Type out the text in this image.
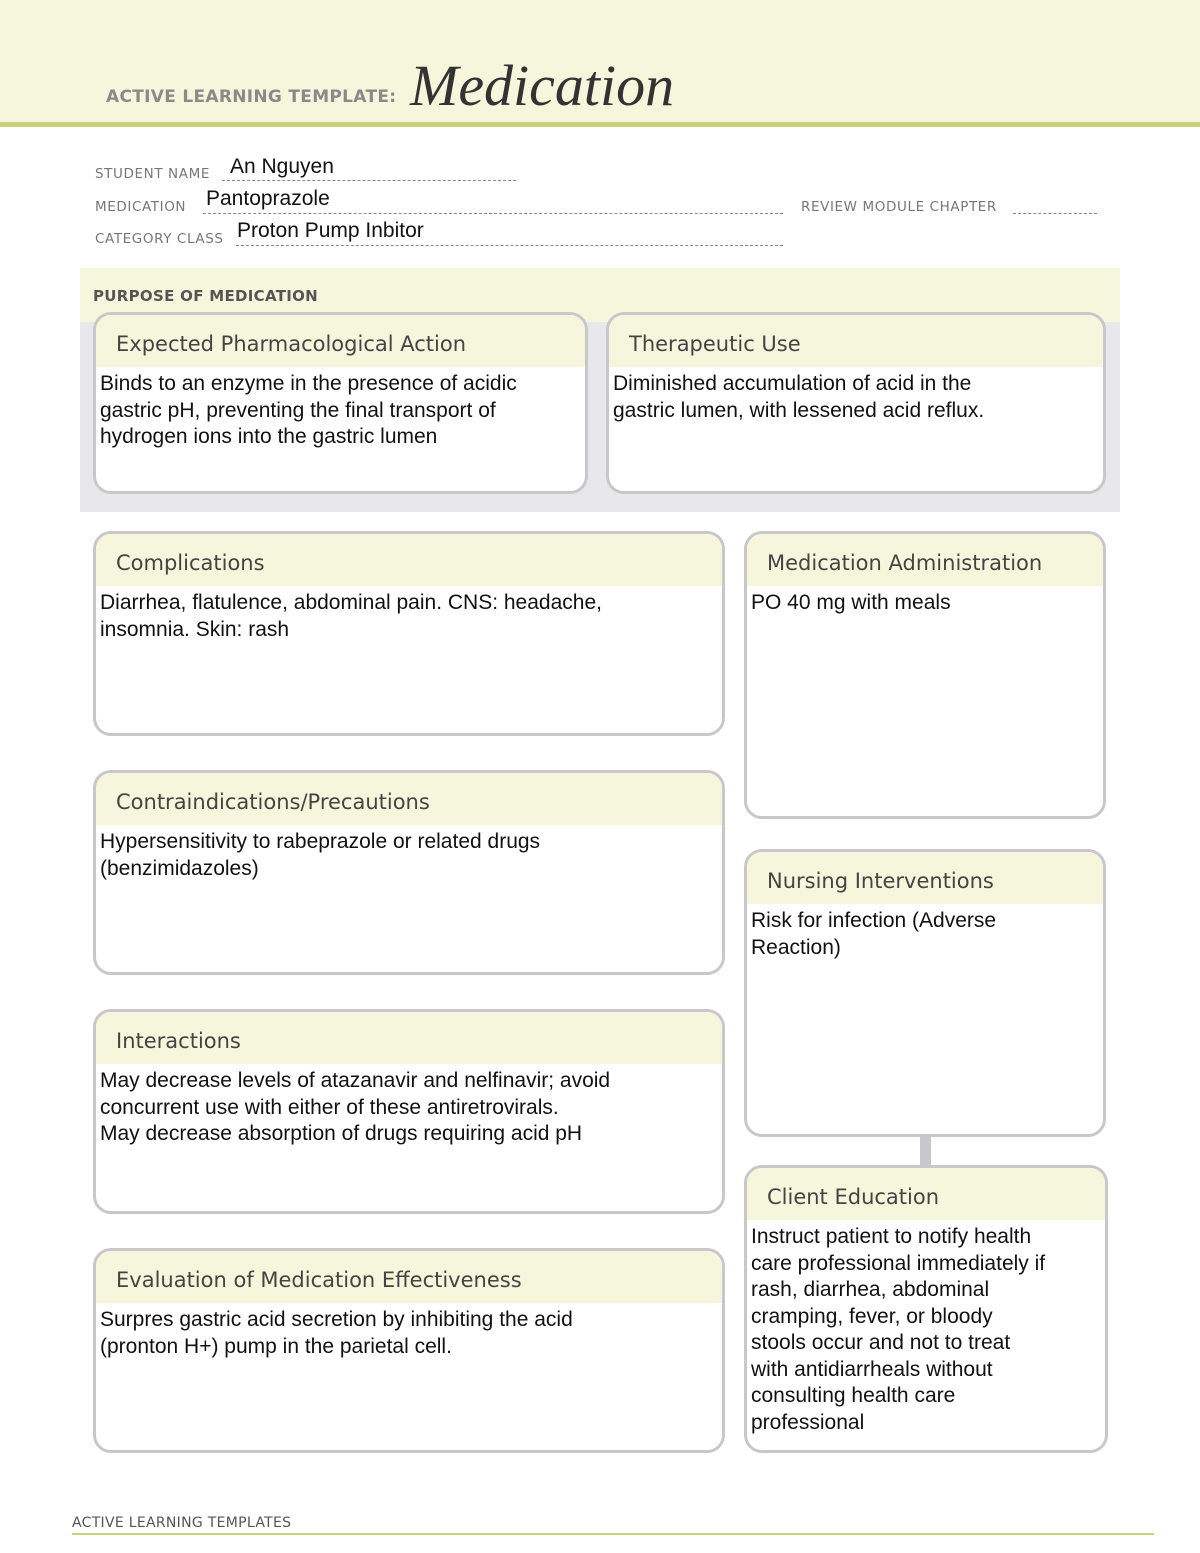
ACTIVE LEARNING TEMPLATE: Medication
STUDENT NAME An Nguyen
MEDICATION Pantoprazole	REVIEW MODULE CHAPTER
CATEGORY CLASS Proton Pump Inbitor
PURPOSE OF MEDICATION
Expected Pharmacological Action
Binds to an enzyme in the presence of acidic
gastric pH, preventing the final transport of
hydrogen ions into the gastric lumen
Therapeutic Use
Diminished accumulation of acid in the
gastric lumen, with lessened acid reflux.
Complications
Diarrhea, flatulence, abdominal pain. CNS: headache,
insomnia. Skin: rash
Contraindications/Precautions
Hypersensitivity to rabeprazole or related drugs
(benzimidazoles)
Interactions
May decrease levels of atazanavir and nelfinavir; avoid
concurrent use with either of these antiretrovirals.
May decrease absorption of drugs requiring acid pH
Evaluation of Medication Effectiveness
Surpres gastric acid secretion by inhibiting the acid
(pronton H+) pump in the parietal cell.
Medication Administration
PO 40 mg with meals
Nursing Interventions
Risk for infection (Adverse
Reaction)
Client Education
Instruct patient to notify health
care professional immediately if
rash, diarrhea, abdominal
cramping, fever, or bloody
stools occur and not to treat
with antidiarrheals without
consulting health care
professional
ACTIVE LEARNING TEMPLATES
